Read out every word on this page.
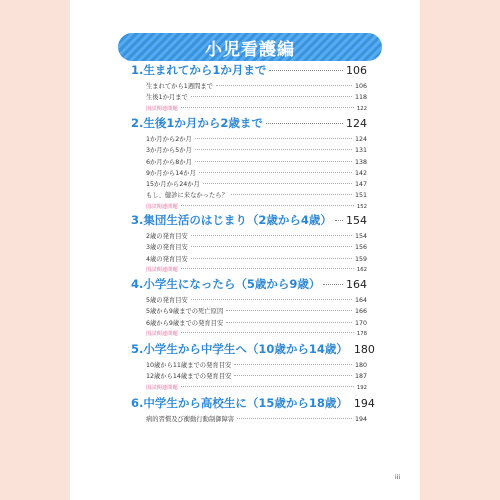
小児看護編
1.生まれてから1か月まで	106
生まれてから1週間まで	106
生後1か月まで	118
国試関連問題	122
2.生後1か月から2歳まで	124
1か月から2か月	124
3か月から5か月	131
6か月から8か月	138
9か月から14か月	142
15か月から24か月	147
もし、健診に来なかったら？	151
国試関連問題	152
3.集団生活のはじまり（2歳から4歳） 154
2歳の発育目安	154
3歳の発育目安	156
4歳の発育目安	159
国試関連問題	162
4.小学生になったら（5歳から9歳） 164
5歳の発育目安	164
5歳から9歳までの死亡原因	166
6歳から9歳までの発育目安	170
国試関連問題	178
5.小学生から中学生へ（10歳から14歳） 180
10歳から11歳までの発育目安	180
12歳から14歳までの発育目安	187
国試関連問題	192
6.中学生から高校生に（15歳から18歳） 194
病的習慣及び衝動行動制御障害	194
iii
